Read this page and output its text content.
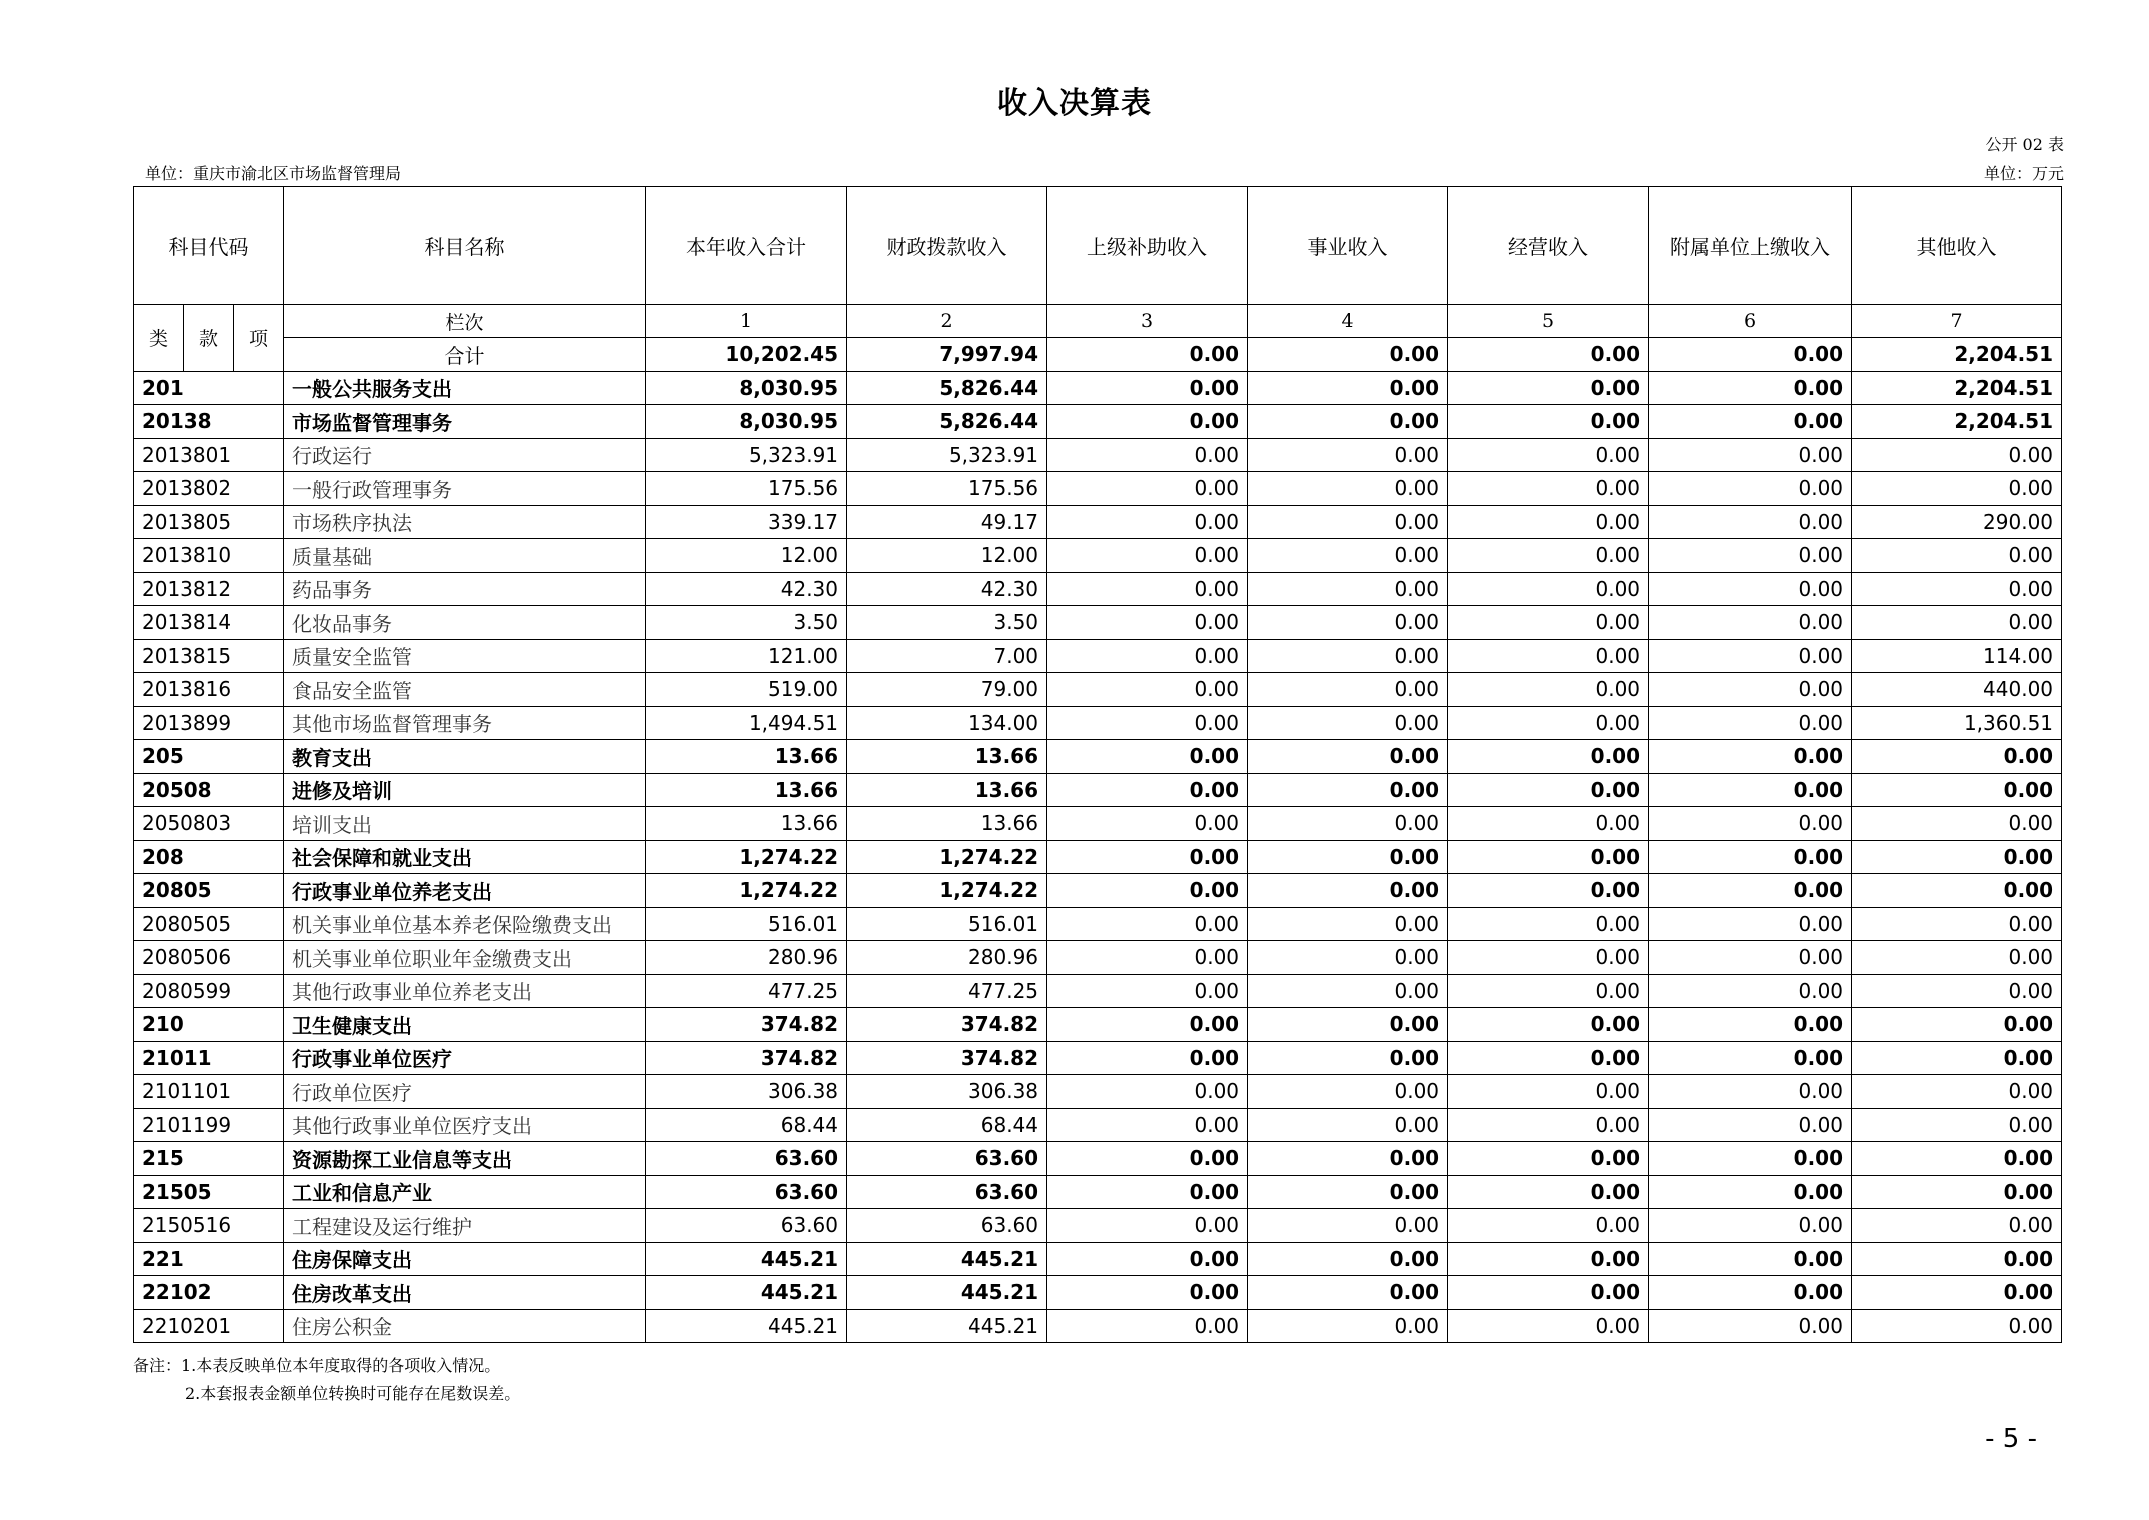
收入决算表
公开 02 表
单位：重庆市渝北区市场监督管理局	单位：万元
科目代码			科目名称	本年收入合计	财政拨款收入	上级补助收入	事业收入	经营收入	附属单位上缴收入	其他收入
类	款	项	栏次	1	2	3	4	5	6	7
			合计	10,202.45	7,997.94	0.00	0.00	0.00	0.00	2,204.51
201			一般公共服务支出	8,030.95	5,826.44	0.00	0.00	0.00	0.00	2,204.51
20138			市场监督管理事务	8,030.95	5,826.44	0.00	0.00	0.00	0.00	2,204.51
2013801			行政运行	5,323.91	5,323.91	0.00	0.00	0.00	0.00	0.00
2013802			一般行政管理事务	175.56	175.56	0.00	0.00	0.00	0.00	0.00
2013805			市场秩序执法	339.17	49.17	0.00	0.00	0.00	0.00	290.00
2013810			质量基础	12.00	12.00	0.00	0.00	0.00	0.00	0.00
2013812			药品事务	42.30	42.30	0.00	0.00	0.00	0.00	0.00
2013814			化妆品事务	3.50	3.50	0.00	0.00	0.00	0.00	0.00
2013815			质量安全监管	121.00	7.00	0.00	0.00	0.00	0.00	114.00
2013816			食品安全监管	519.00	79.00	0.00	0.00	0.00	0.00	440.00
2013899			其他市场监督管理事务	1,494.51	134.00	0.00	0.00	0.00	0.00	1,360.51
205			教育支出	13.66	13.66	0.00	0.00	0.00	0.00	0.00
20508			进修及培训	13.66	13.66	0.00	0.00	0.00	0.00	0.00
2050803			培训支出	13.66	13.66	0.00	0.00	0.00	0.00	0.00
208			社会保障和就业支出	1,274.22	1,274.22	0.00	0.00	0.00	0.00	0.00
20805			行政事业单位养老支出	1,274.22	1,274.22	0.00	0.00	0.00	0.00	0.00
2080505			机关事业单位基本养老保险缴费支出	516.01	516.01	0.00	0.00	0.00	0.00	0.00
2080506			机关事业单位职业年金缴费支出	280.96	280.96	0.00	0.00	0.00	0.00	0.00
2080599			其他行政事业单位养老支出	477.25	477.25	0.00	0.00	0.00	0.00	0.00
210			卫生健康支出	374.82	374.82	0.00	0.00	0.00	0.00	0.00
21011			行政事业单位医疗	374.82	374.82	0.00	0.00	0.00	0.00	0.00
2101101			行政单位医疗	306.38	306.38	0.00	0.00	0.00	0.00	0.00
2101199			其他行政事业单位医疗支出	68.44	68.44	0.00	0.00	0.00	0.00	0.00
215			资源勘探工业信息等支出	63.60	63.60	0.00	0.00	0.00	0.00	0.00
21505			工业和信息产业	63.60	63.60	0.00	0.00	0.00	0.00	0.00
2150516			工程建设及运行维护	63.60	63.60	0.00	0.00	0.00	0.00	0.00
221			住房保障支出	445.21	445.21	0.00	0.00	0.00	0.00	0.00
22102			住房改革支出	445.21	445.21	0.00	0.00	0.00	0.00	0.00
2210201			住房公积金	445.21	445.21	0.00	0.00	0.00	0.00	0.00
备注：1.本表反映单位本年度取得的各项收入情况。
2.本套报表金额单位转换时可能存在尾数误差。
- 5 -
